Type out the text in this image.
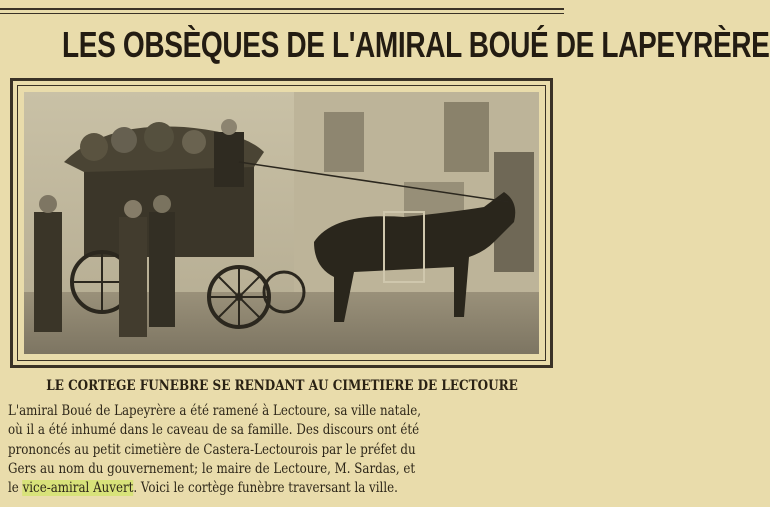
LES OBSÈQUES DE L'AMIRAL BOUÉ DE LAPEYRÈRE
LE CORTEGE FUNEBRE SE RENDANT AU CIMETIERE DE LECTOURE
L'amiral Boué de Lapeyrère a été ramené à Lectoure, sa ville natale,
où il a été inhumé dans le caveau de sa famille. Des discours ont été
prononcés au petit cimetière de Castera-Lectourois par le préfet du
Gers au nom du gouvernement; le maire de Lectoure, M. Sardas, et
le vice-amiral Auvert. Voici le cortège funèbre traversant la ville.
